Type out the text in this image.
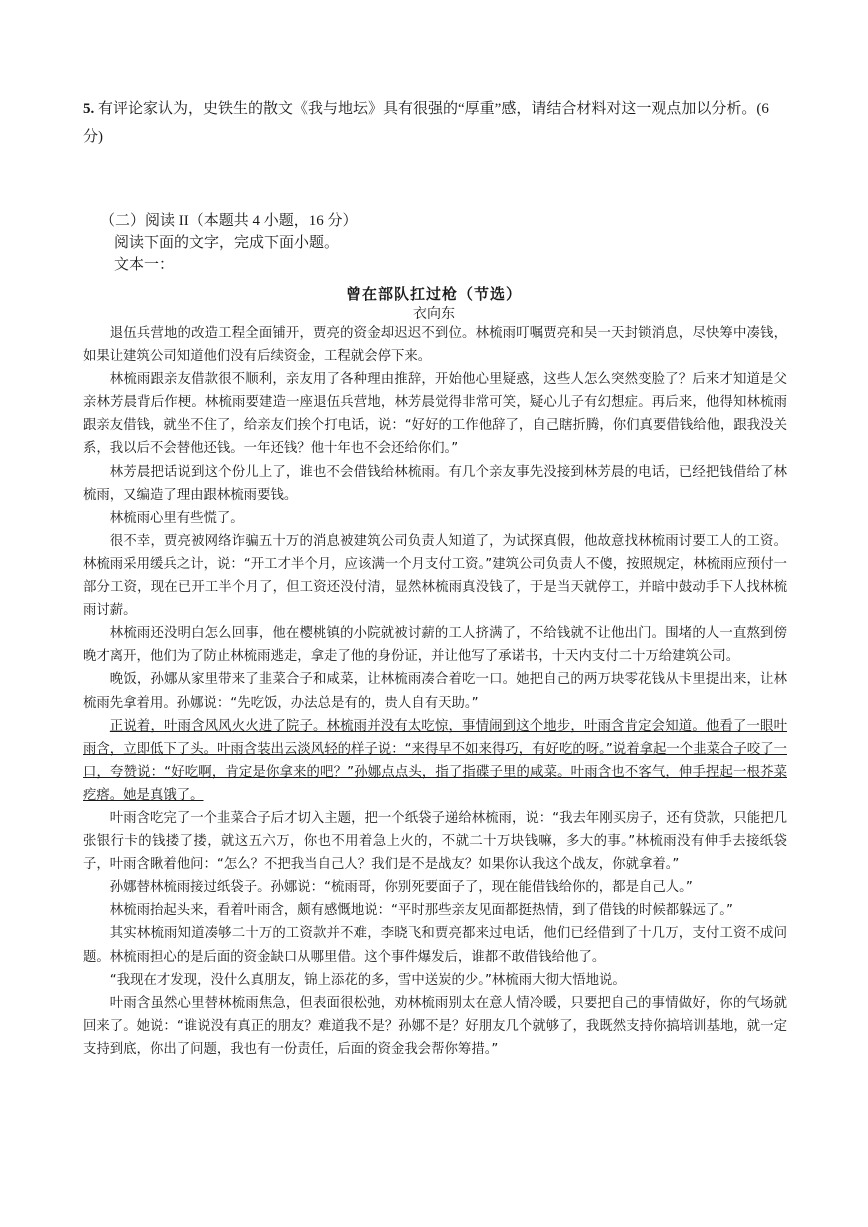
5. 有评论家认为，史铁生的散文《我与地坛》具有很强的“厚重”感，请结合材料对这一观点加以分析。(6 分)

（二）阅读 II（本题共 4 小题，16 分）
阅读下面的文字，完成下面小题。
文本一：
曾在部队扛过枪（节选）
衣向东

退伍兵营地的改造工程全面铺开，贾亮的资金却迟迟不到位。林梳雨叮嘱贾亮和吴一天封锁消息，尽快筹中凑钱，如果让建筑公司知道他们没有后续资金，工程就会停下来。

林梳雨跟亲友借款很不顺利，亲友用了各种理由推辞，开始他心里疑惑，这些人怎么突然变脸了？后来才知道是父亲林芳晨背后作梗。林梳雨要建造一座退伍兵营地，林芳晨觉得非常可笑，疑心儿子有幻想症。再后来，他得知林梳雨跟亲友借钱，就坐不住了，给亲友们挨个打电话，说：“好好的工作他辞了，自己瞎折腾，你们真要借钱给他，跟我没关系，我以后不会替他还钱。一年还钱？他十年也不会还给你们。”

林芳晨把话说到这个份儿上了，谁也不会借钱给林梳雨。有几个亲友事先没接到林芳晨的电话，已经把钱借给了林梳雨，又编造了理由跟林梳雨要钱。

林梳雨心里有些慌了。

很不幸，贾亮被网络诈骗五十万的消息被建筑公司负责人知道了，为试探真假，他故意找林梳雨讨要工人的工资。林梳雨采用缓兵之计，说：“开工才半个月，应该满一个月支付工资。”建筑公司负责人不傻，按照规定，林梳雨应预付一部分工资，现在已开工半个月了，但工资还没付清，显然林梳雨真没钱了，于是当天就停工，并暗中鼓动手下人找林梳雨讨薪。

林梳雨还没明白怎么回事，他在樱桃镇的小院就被讨薪的工人挤满了，不给钱就不让他出门。围堵的人一直熬到傍晚才离开，他们为了防止林梳雨逃走，拿走了他的身份证，并让他写了承诺书，十天内支付二十万给建筑公司。

晚饭，孙娜从家里带来了韭菜合子和咸菜，让林梳雨凑合着吃一口。她把自己的两万块零花钱从卡里提出来，让林梳雨先拿着用。孙娜说：“先吃饭，办法总是有的，贵人自有天助。”

正说着，叶雨含风风火火进了院子。林梳雨并没有太吃惊，事情闹到这个地步，叶雨含肯定会知道。他看了一眼叶雨含，立即低下了头。叶雨含装出云淡风轻的样子说：“来得早不如来得巧，有好吃的呀。”说着拿起一个韭菜合子咬了一口，夸赞说：“好吃啊，肯定是你拿来的吧？”孙娜点点头，指了指碟子里的咸菜。叶雨含也不客气，伸手捏起一根芥菜疙瘩。她是真饿了。

叶雨含吃完了一个韭菜合子后才切入主题，把一个纸袋子递给林梳雨，说：“我去年刚买房子，还有贷款，只能把几张银行卡的钱搂了搂，就这五六万，你也不用着急上火的，不就二十万块钱嘛，多大的事。”林梳雨没有伸手去接纸袋子，叶雨含瞅着他问：“怎么？不把我当自己人？我们是不是战友？如果你认我这个战友，你就拿着。”

孙娜替林梳雨接过纸袋子。孙娜说：“梳雨哥，你别死要面子了，现在能借钱给你的，都是自己人。”

林梳雨抬起头来，看着叶雨含，颇有感慨地说：“平时那些亲友见面都挺热情，到了借钱的时候都躲远了。”

其实林梳雨知道凑够二十万的工资款并不难，李晓飞和贾亮都来过电话，他们已经借到了十几万，支付工资不成问题。林梳雨担心的是后面的资金缺口从哪里借。这个事件爆发后，谁都不敢借钱给他了。

“我现在才发现，没什么真朋友，锦上添花的多，雪中送炭的少。”林梳雨大彻大悟地说。

叶雨含虽然心里替林梳雨焦急，但表面很松弛，劝林梳雨别太在意人情冷暖，只要把自己的事情做好，你的气场就回来了。她说：“谁说没有真正的朋友？难道我不是？孙娜不是？好朋友几个就够了，我既然支持你搞培训基地，就一定支持到底，你出了问题，我也有一份责任，后面的资金我会帮你筹措。”
